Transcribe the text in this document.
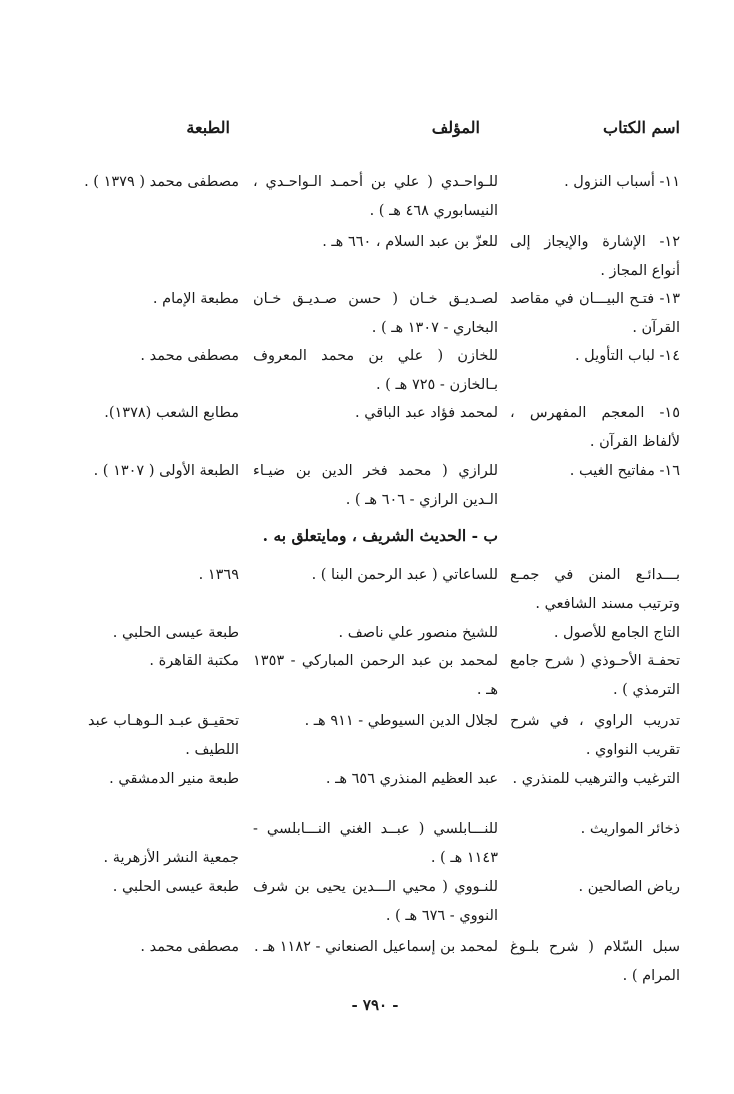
اسم الكتاب
المؤلف
الطبعة
١١- أسباب النزول .
للـواحـدي ( علي بن أحمـد الـواحـدي ، النيسابوري ٤٦٨ هـ ) .
مصطفى محمد ( ١٣٧٩ ) .
١٢- الإشارة والإيجاز إلى أنواع المجاز .
للعزّ بن عبد السلام ، ٦٦٠ هـ .
١٣- فتـح البيـــان في مقاصد القرآن .
لصـديـق خـان ( حسن صـديـق خـان البخاري - ١٣٠٧ هـ ) .
مطبعة الإمام .
١٤- لباب التأويل .
للخازن ( علي بن محمد المعروف بـالخازن - ٧٢٥ هـ ) .
مصطفى محمد .
١٥- المعجم المفهرس ، لألفاظ القرآن .
لمحمد فؤاد عبد الباقي .
مطابع الشعب (١٣٧٨).
١٦- مفاتيح الغيب .
للرازي ( محمد فخر الدين بن ضيـاء الـدين الرازي - ٦٠٦ هـ ) .
الطبعة الأولى ( ١٣٠٧ ) .
ب - الحديث الشريف ، ومايتعلق به .
بـــدائـع المنن في جمـع وترتيب مسند الشافعي .
للساعاتي ( عبد الرحمن البنا ) .
١٣٦٩ .
التاج الجامع للأصول .
للشيخ منصور علي ناصف .
طبعة عيسى الحلبي .
تحفـة الأحـوذي ( شرح جامع الترمذي ) .
لمحمد بن عبد الرحمن المباركي - ١٣٥٣ هـ .
مكتبة القاهرة .
تدريب الراوي ، في شرح تقريب النواوي .
لجلال الدين السيوطي - ٩١١ هـ .
تحقيـق عبـد الـوهـاب عبد اللطيف .
الترغيب والترهيب للمنذري .
عبد العظيم المنذري ٦٥٦ هـ .
طبعة منير الدمشقي .
ذخائر المواريث .
للنـــابلسي ( عبــد الغني النـــابلسي - ١١٤٣ هـ ) .
جمعية النشر الأزهرية .
رياض الصالحين .
للنـووي ( محيي الـــدين يحيى بن شرف النووي - ٦٧٦ هـ ) .
طبعة عيسى الحلبي .
سبل السّلام ( شرح بلـوغ المرام ) .
لمحمد بن إسماعيل الصنعاني - ١١٨٢ هـ .
مصطفى محمد .
- ٧٩٠ -
